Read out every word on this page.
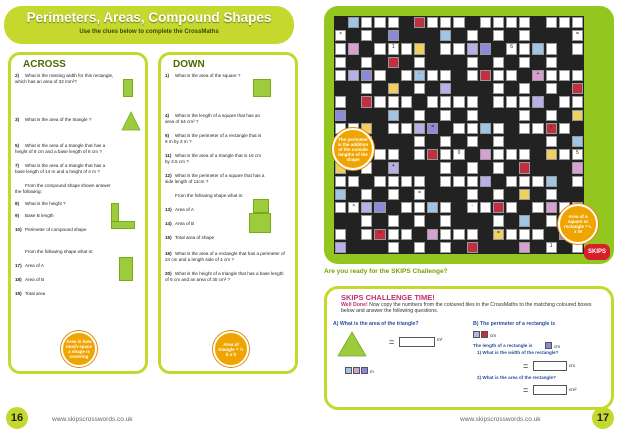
Perimeters, Areas, Compound Shapes
Use the clues below to complete the CrossMaths
ACROSS
2) What is the missing width for this rectangle, which has an area of 32 mm²?
3) What is the area of the triangle ?
5) What is the area of a triangle that has a height of 8 cm and a base length of 8 cm ?
7) What is the area of a triangle that has a base length of 14 m and a height of 4 m ?
From the compound shape shown answer the following:
8) What is the height ?
9) Base B length
10) Perimeter of compound shape
From the following shape what is:
17) Area of A
18) Area of B
19) Total area
Area is how much space a shape is covering
DOWN
1) What is the area of the square ?
4) What is the length of a square that has an area of 64 cm² ?
5) What is the perimeter of a rectangle that is 9 m by 3 m ?
11) What is the area of a triangle that is 16 cm by 3.5 cm ?
12) What is the perimeter of a square that has a side length of 11cm ?
From the following shape what is:
13) Area of A
14) Area of B
15) Total area of shape
16) What is the area of a rectangle that has a perimeter of 24 cm and a length side of 4 cm ?
20) What is the height of a triangle that has a base length of 6 cm and an area of 30 cm² ?
Area of triangle = ½ b x h
16	www.skipscrosswords.co.uk
×	=
1	6
-	+
=	÷
0	5
+
=
×	-
×	=
1
The perimeter is the addition of the outside lengths of the shape
Area of a square or rectangle = L x W
SKIPS
Are you ready for the SKIPS Challenge?
SKIPS CHALLENGE TIME!
Well Done! Now copy the numbers from the coloured tiles in the CrossMaths to the matching coloured boxes below and answer the following questions.
A) What is the area of the triangle?
=	m²
m
B) The perimeter of a rectangle is
cm
The length of a rectangle is	cm
1) What is the width of the rectangle?
=	cm
2) What is the area of the rectangle?
=	cm²
www.skipscrosswords.co.uk	17
